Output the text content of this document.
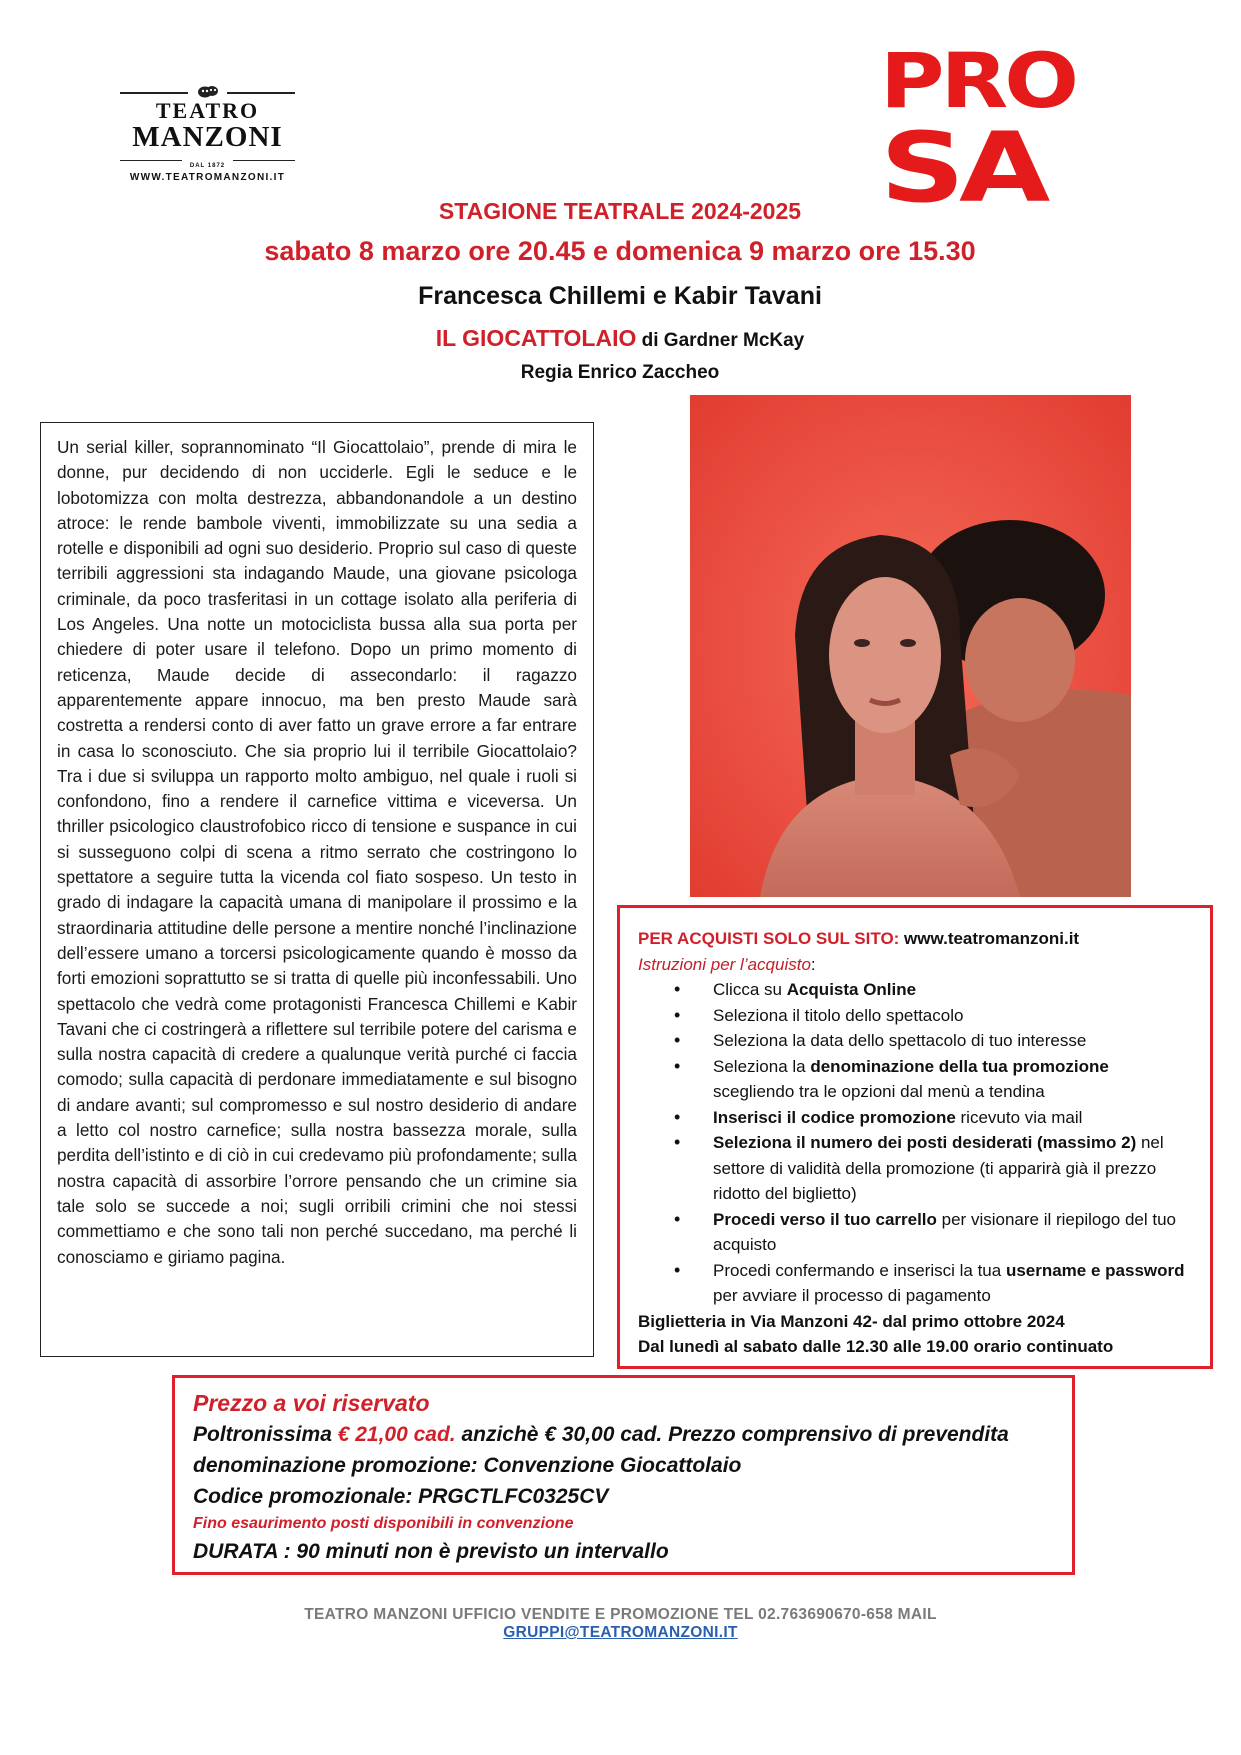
TEATRO
MANZONI
DAL 1872
WWW.TEATROMANZONI.IT
PRO
SA
STAGIONE TEATRALE 2024-2025
sabato 8 marzo ore 20.45 e domenica 9 marzo ore 15.30
Francesca Chillemi e Kabir Tavani
IL GIOCATTOLAIO di Gardner McKay
Regia Enrico Zaccheo
Un serial killer, soprannominato “Il Giocattolaio”, prende di mira le donne, pur decidendo di non ucciderle. Egli le seduce e le lobotomizza con molta destrezza, abbandonandole a un destino atroce: le rende bambole viventi, immobilizzate su una sedia a rotelle e disponibili ad ogni suo desiderio. Proprio sul caso di queste terribili aggressioni sta indagando Maude, una giovane psicologa criminale, da poco trasferitasi in un cottage isolato alla periferia di Los Angeles. Una notte un motociclista bussa alla sua porta per chiedere di poter usare il telefono. Dopo un primo momento di reticenza, Maude decide di assecondarlo: il ragazzo apparentemente appare innocuo, ma ben presto Maude sarà costretta a rendersi conto di aver fatto un grave errore a far entrare in casa lo sconosciuto. Che sia proprio lui il terribile Giocattolaio? Tra i due si sviluppa un rapporto molto ambiguo, nel quale i ruoli si confondono, fino a rendere il carnefice vittima e viceversa. Un thriller psicologico claustrofobico ricco di tensione e suspance in cui si susseguono colpi di scena a ritmo serrato che costringono lo spettatore a seguire tutta la vicenda col fiato sospeso. Un testo in grado di indagare la capacità umana di manipolare il prossimo e la straordinaria attitudine delle persone a mentire nonché l’inclinazione dell’essere umano a torcersi psicologicamente quando è mosso da forti emozioni soprattutto se si tratta di quelle più inconfessabili. Uno spettacolo che vedrà come protagonisti Francesca Chillemi e Kabir Tavani che ci costringerà a riflettere sul terribile potere del carisma e sulla nostra capacità di credere a qualunque verità purché ci faccia comodo; sulla capacità di perdonare immediatamente e sul bisogno di andare avanti; sul compromesso e sul nostro desiderio di andare a letto col nostro carnefice; sulla nostra bassezza morale, sulla perdita dell’istinto e di ciò in cui credevamo più profondamente; sulla nostra capacità di assorbire l’orrore pensando che un crimine sia tale solo se succede a noi; sugli orribili crimini che noi stessi commettiamo e che sono tali non perché succedano, ma perché li conosciamo e giriamo pagina.
PER ACQUISTI SOLO SUL SITO: www.teatromanzoni.it
Istruzioni per l’acquisto:
• Clicca su Acquista Online
• Seleziona il titolo dello spettacolo
• Seleziona la data dello spettacolo di tuo interesse
• Seleziona la denominazione della tua promozione scegliendo tra le opzioni dal menù a tendina
• Inserisci il codice promozione ricevuto via mail
• Seleziona il numero dei posti desiderati (massimo 2) nel settore di validità della promozione (ti apparirà già il prezzo ridotto del biglietto)
• Procedi verso il tuo carrello per visionare il riepilogo del tuo acquisto
• Procedi confermando e inserisci la tua username e password per avviare il processo di pagamento
Biglietteria in Via Manzoni 42- dal primo ottobre 2024
Dal lunedì al sabato dalle 12.30 alle 19.00 orario continuato
Prezzo a voi riservato
Poltronissima € 21,00 cad. anzichè € 30,00 cad. Prezzo comprensivo di prevendita
denominazione promozione: Convenzione Giocattolaio
Codice promozionale: PRGCTLFC0325CV
Fino esaurimento posti disponibili in convenzione
DURATA : 90 minuti non è previsto un intervallo
TEATRO MANZONI UFFICIO VENDITE E PROMOZIONE TEL 02.763690670-658 MAIL
GRUPPI@TEATROMANZONI.IT
